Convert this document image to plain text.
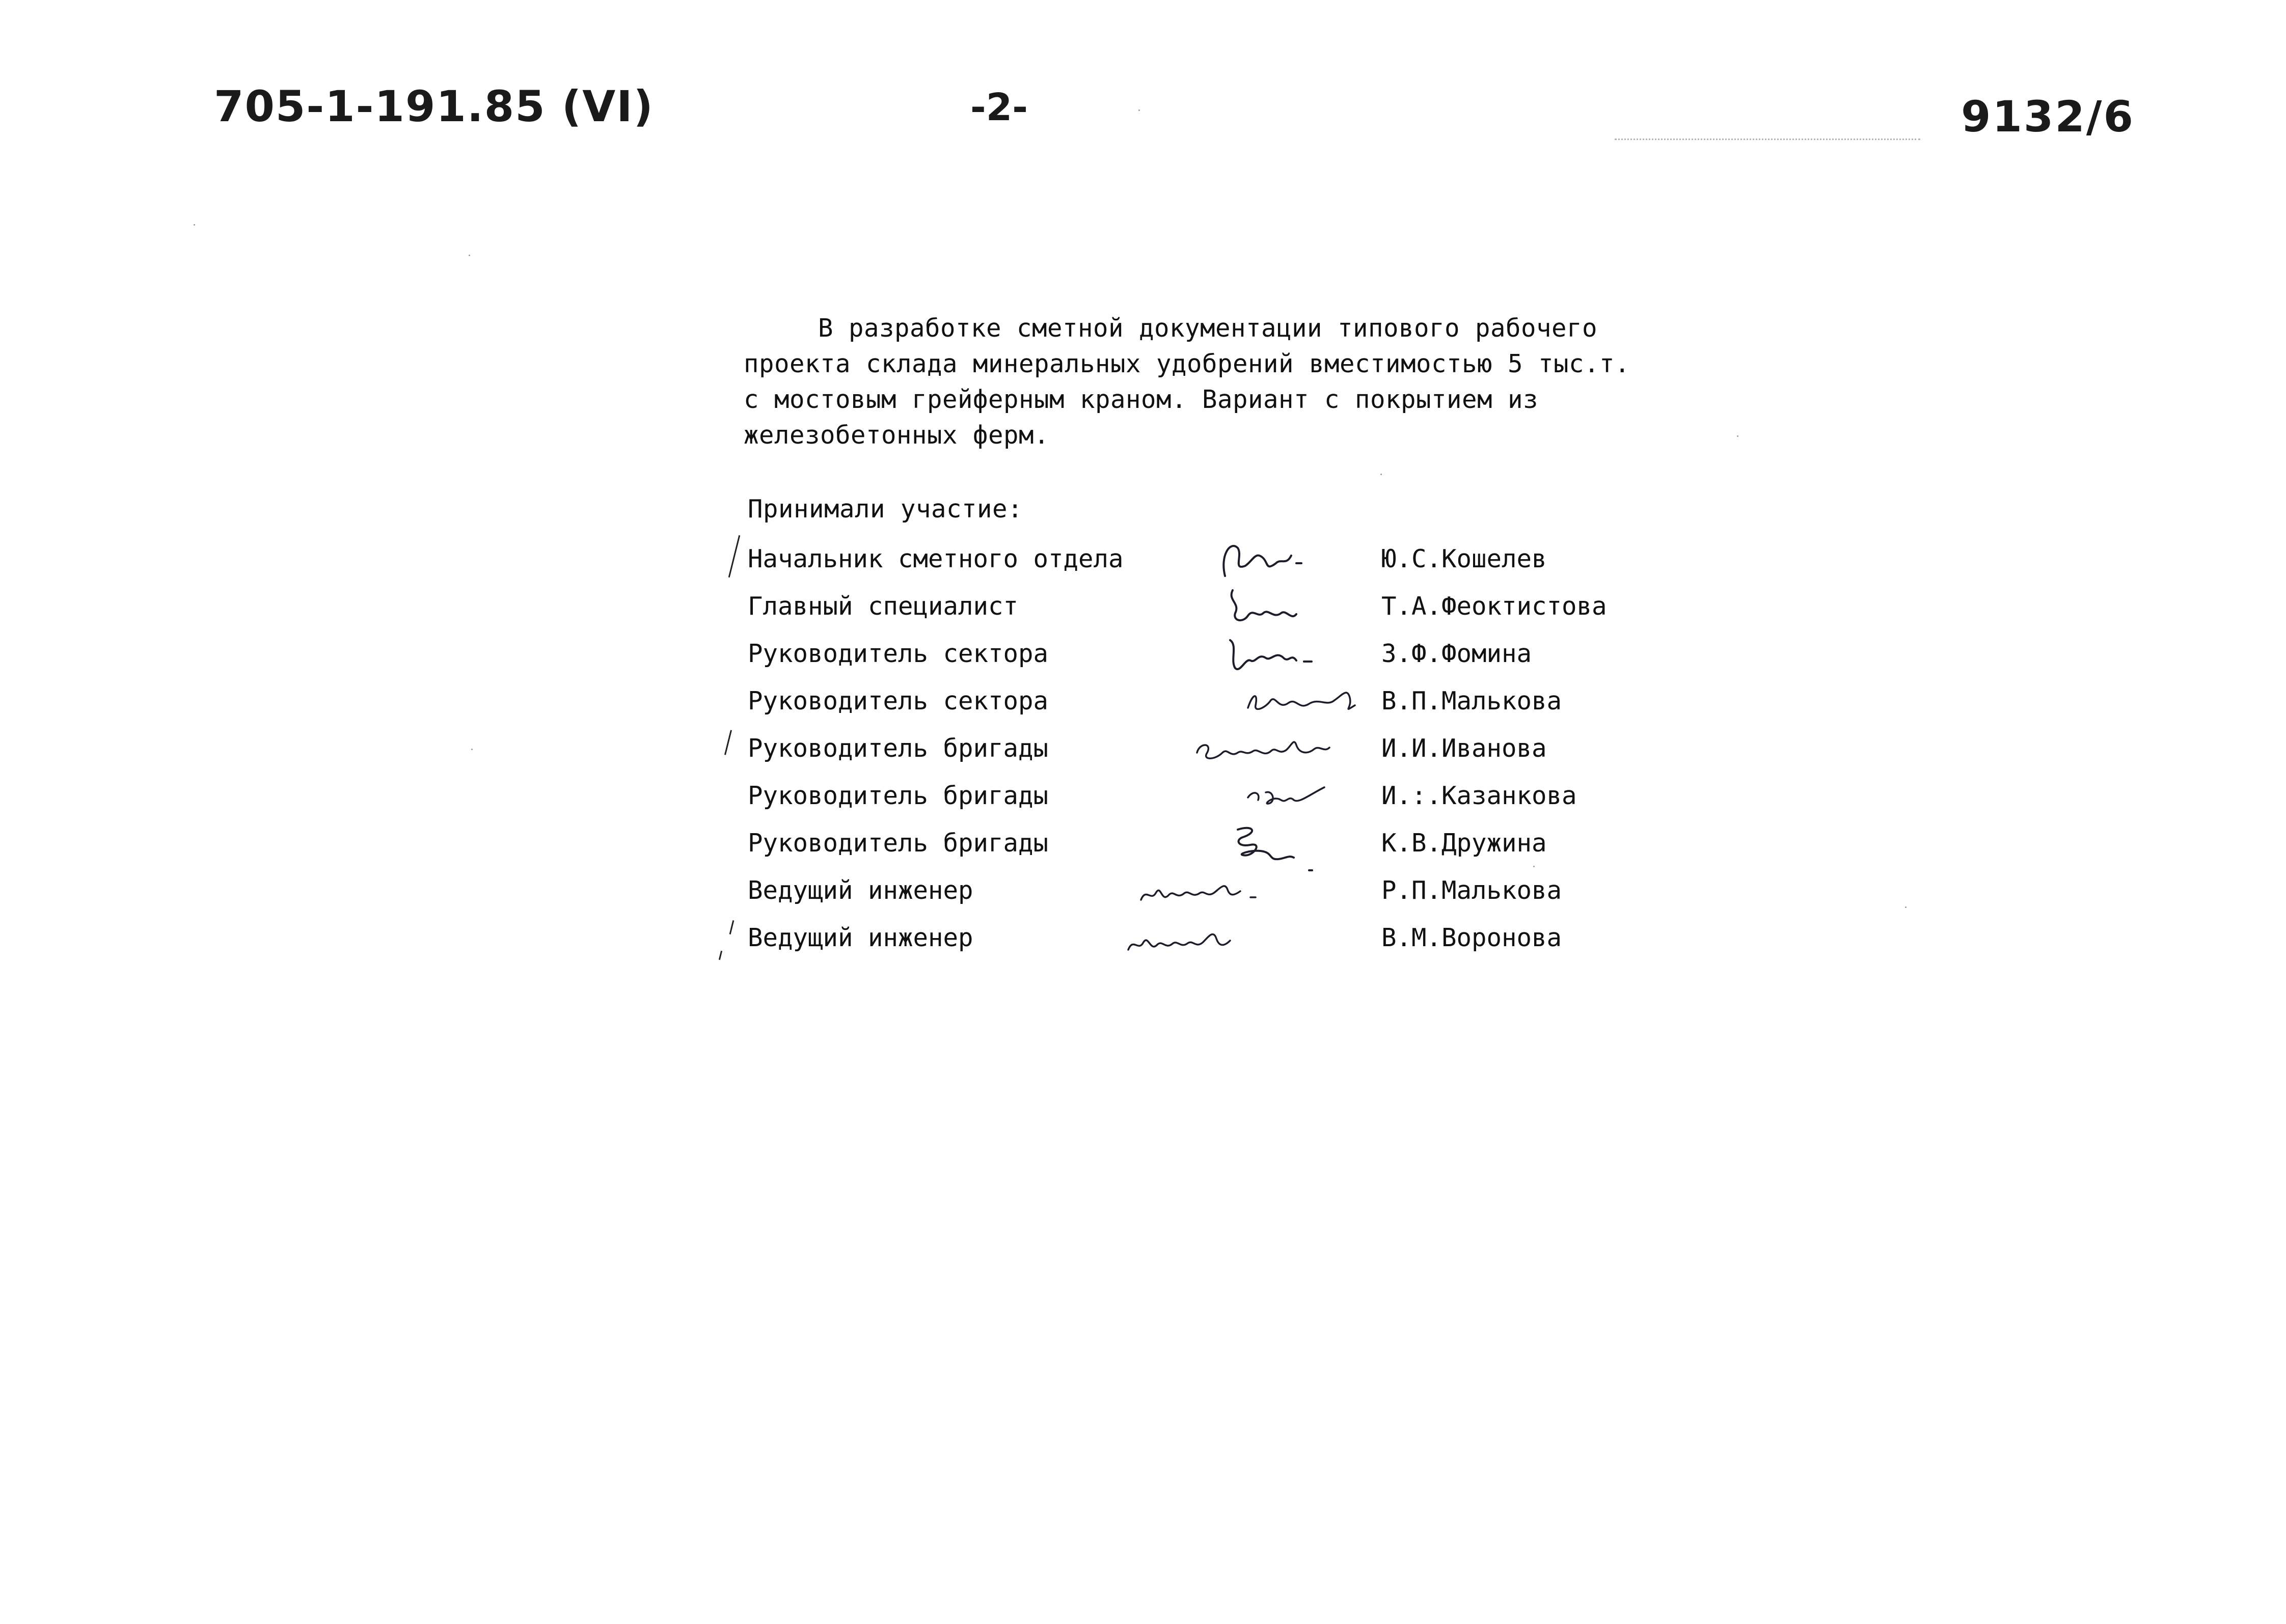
705-1-191.85 (VI)	-2-	9132/6
В разработке сметной документации типового рабочего
проекта склада минеральных удобрений вместимостью 5 тыс.т.
с мостовым грейферным краном. Вариант с покрытием из
железобетонных ферм.
Принимали участие:
Начальник сметного отдела	Ю.С.Кошелев
Главный специалист	Т.А.Феоктистова
Руководитель сектора	З.Ф.Фомина
Руководитель сектора	В.П.Малькова
Руководитель бригады	И.И.Иванова
Руководитель бригады	И.:.Казанкова
Руководитель бригады	К.В.Дружина
Ведущий инженер	Р.П.Малькова
Ведущий инженер	В.М.Воронова
